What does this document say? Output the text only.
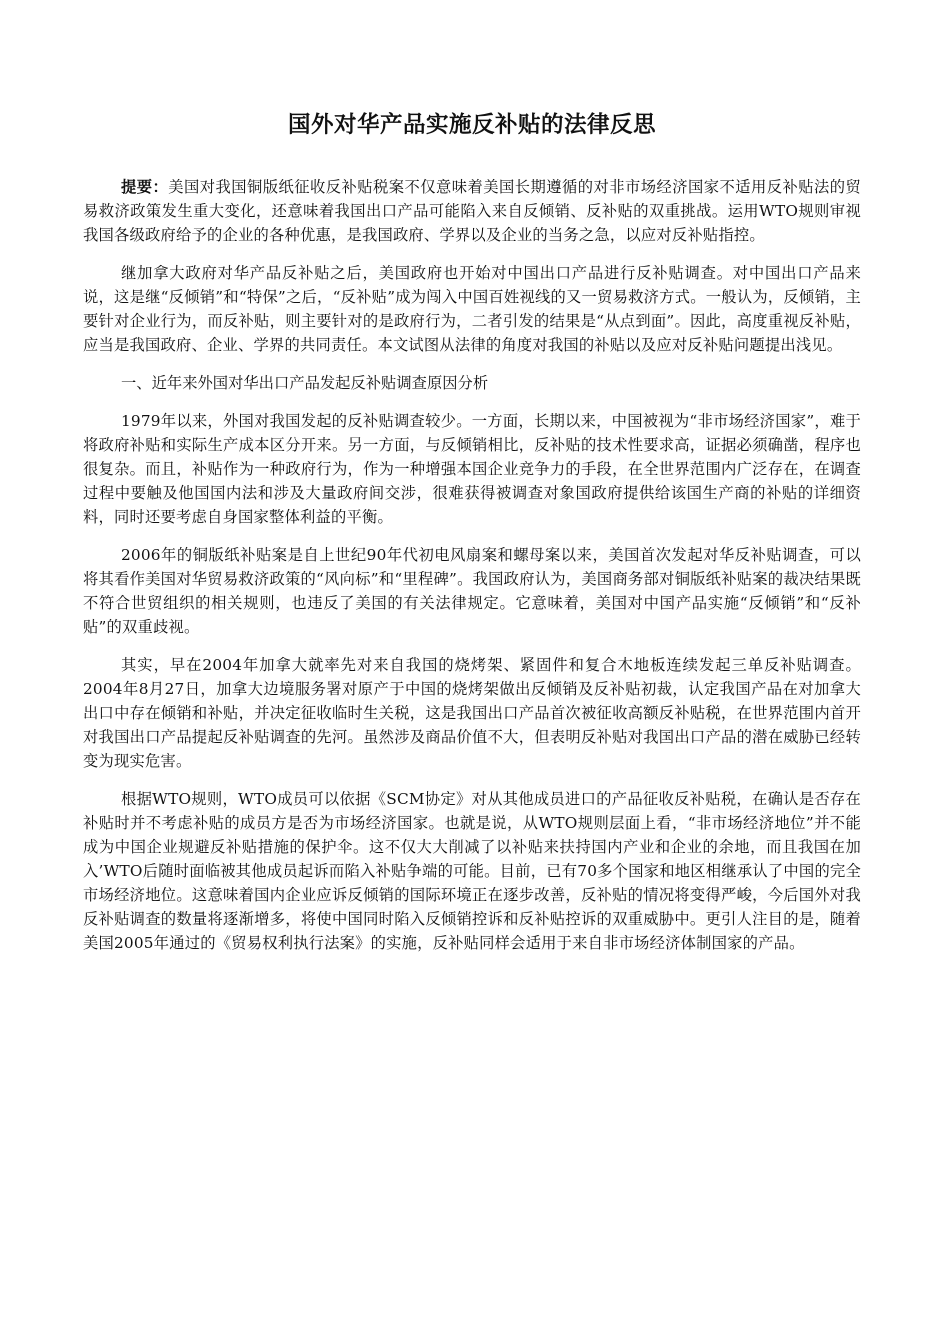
国外对华产品实施反补贴的法律反思

提要：美国对我国铜版纸征收反补贴税案不仅意味着美国长期遵循的对非市场经济国家不适用反补贴法的贸易救济政策发生重大变化，还意味着我国出口产品可能陷入来自反倾销、反补贴的双重挑战。运用WTO规则审视我国各级政府给予的企业的各种优惠，是我国政府、学界以及企业的当务之急，以应对反补贴指控。

继加拿大政府对华产品反补贴之后，美国政府也开始对中国出口产品进行反补贴调查。对中国出口产品来说，这是继“反倾销”和“特保”之后，“反补贴”成为闯入中国百姓视线的又一贸易救济方式。一般认为，反倾销，主要针对企业行为，而反补贴，则主要针对的是政府行为，二者引发的结果是“从点到面”。因此，高度重视反补贴，应当是我国政府、企业、学界的共同责任。本文试图从法律的角度对我国的补贴以及应对反补贴问题提出浅见。

一、近年来外国对华出口产品发起反补贴调查原因分析

1979年以来，外国对我国发起的反补贴调查较少。一方面，长期以来，中国被视为“非市场经济国家”，难于将政府补贴和实际生产成本区分开来。另一方面，与反倾销相比，反补贴的技术性要求高，证据必须确凿，程序也很复杂。而且，补贴作为一种政府行为，作为一种增强本国企业竞争力的手段，在全世界范围内广泛存在，在调查过程中要触及他国国内法和涉及大量政府间交涉，很难获得被调查对象国政府提供给该国生产商的补贴的详细资料，同时还要考虑自身国家整体利益的平衡。

2006年的铜版纸补贴案是自上世纪90年代初电风扇案和螺母案以来，美国首次发起对华反补贴调查，可以将其看作美国对华贸易救济政策的“风向标”和“里程碑”。我国政府认为，美国商务部对铜版纸补贴案的裁决结果既不符合世贸组织的相关规则，也违反了美国的有关法律规定。它意味着，美国对中国产品实施“反倾销”和“反补贴”的双重歧视。

其实，早在2004年加拿大就率先对来自我国的烧烤架、紧固件和复合木地板连续发起三单反补贴调查。2004年8月27日，加拿大边境服务署对原产于中国的烧烤架做出反倾销及反补贴初裁，认定我国产品在对加拿大出口中存在倾销和补贴，并决定征收临时生关税，这是我国出口产品首次被征收高额反补贴税，在世界范围内首开对我国出口产品提起反补贴调查的先河。虽然涉及商品价值不大，但表明反补贴对我国出口产品的潜在威胁已经转变为现实危害。

根据WTO规则，WTO成员可以依据《SCM协定》对从其他成员进口的产品征收反补贴税，在确认是否存在补贴时并不考虑补贴的成员方是否为市场经济国家。也就是说，从WTO规则层面上看，“非市场经济地位”并不能成为中国企业规避反补贴措施的保护伞。这不仅大大削减了以补贴来扶持国内产业和企业的余地，而且我国在加入’WTO后随时面临被其他成员起诉而陷入补贴争端的可能。目前，已有70多个国家和地区相继承认了中国的完全市场经济地位。这意味着国内企业应诉反倾销的国际环境正在逐步改善，反补贴的情况将变得严峻，今后国外对我反补贴调查的数量将逐渐增多，将使中国同时陷入反倾销控诉和反补贴控诉的双重威胁中。更引人注目的是，随着美国2005年通过的《贸易权利执行法案》的实施，反补贴同样会适用于来自非市场经济体制国家的产品。
